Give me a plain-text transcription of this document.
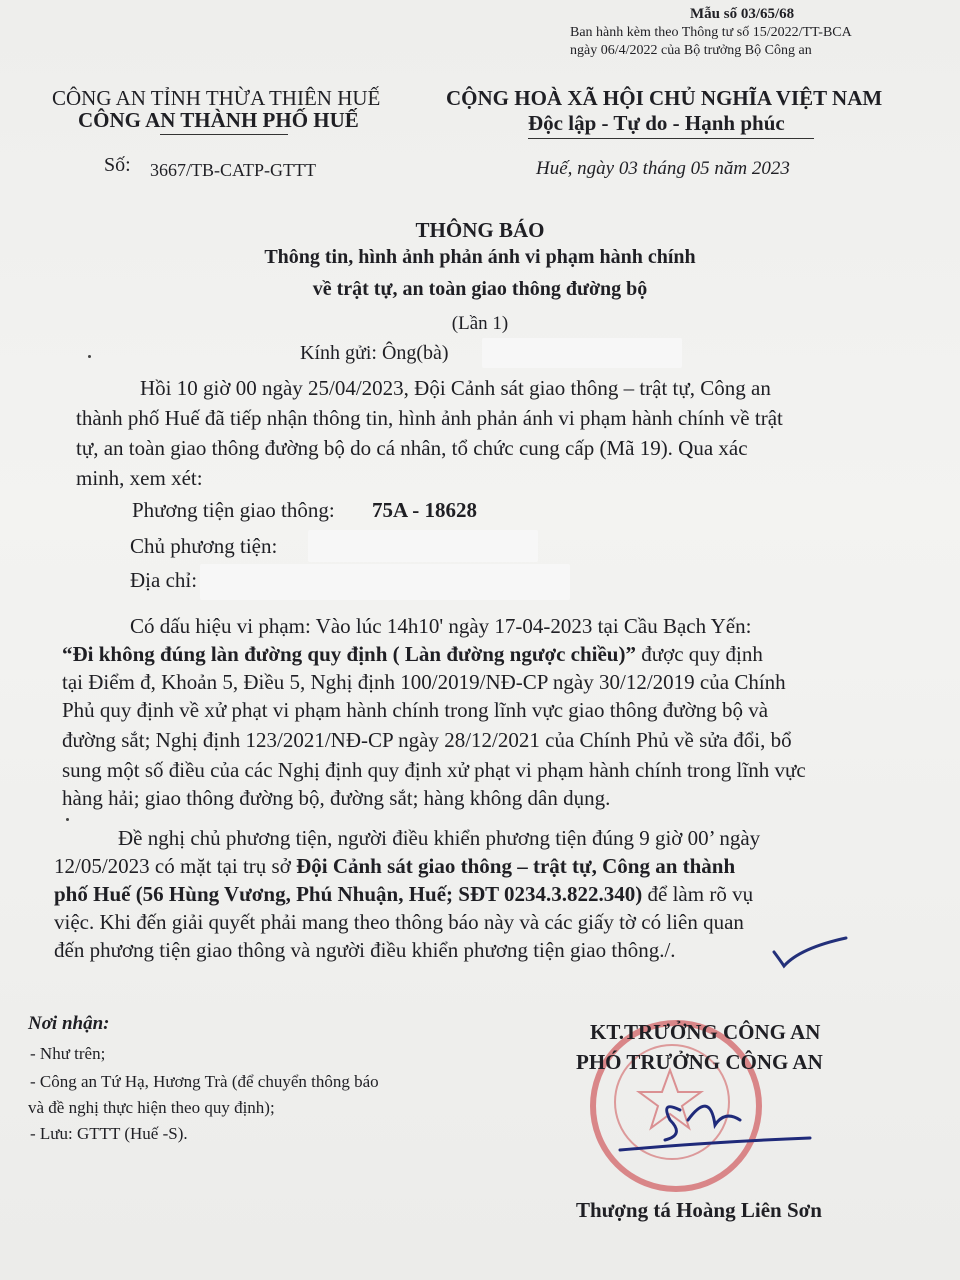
Mẫu số 03/65/68
Ban hành kèm theo Thông tư số 15/2022/TT-BCA
ngày 06/4/2022 của Bộ trưởng Bộ Công an
CÔNG AN TỈNH THỪA THIÊN HUẾ
CÔNG AN THÀNH PHỐ HUẾ
CỘNG HOÀ XÃ HỘI CHỦ NGHĨA VIỆT NAM
Độc lập - Tự do - Hạnh phúc
Số: 3667/TB-CATP-GTTT	Huế, ngày 03 tháng 05 năm 2023
THÔNG BÁO
Thông tin, hình ảnh phản ánh vi phạm hành chính
về trật tự, an toàn giao thông đường bộ
(Lần 1)
Kính gửi: Ông(bà)
Hồi 10 giờ 00 ngày 25/04/2023, Đội Cảnh sát giao thông – trật tự, Công an
thành phố Huế đã tiếp nhận thông tin, hình ảnh phản ánh vi phạm hành chính về trật
tự, an toàn giao thông đường bộ do cá nhân, tổ chức cung cấp (Mã 19). Qua xác
minh, xem xét:
Phương tiện giao thông: 75A - 18628
Chủ phương tiện:
Địa chỉ:
Có dấu hiệu vi phạm: Vào lúc 14h10' ngày 17-04-2023 tại Cầu Bạch Yến:
“Đi không đúng làn đường quy định ( Làn đường ngược chiều)” được quy định
tại Điểm đ, Khoản 5, Điều 5, Nghị định 100/2019/NĐ-CP ngày 30/12/2019 của Chính
Phủ quy định về xử phạt vi phạm hành chính trong lĩnh vực giao thông đường bộ và
đường sắt; Nghị định 123/2021/NĐ-CP ngày 28/12/2021 của Chính Phủ về sửa đổi, bổ
sung một số điều của các Nghị định quy định xử phạt vi phạm hành chính trong lĩnh vực
hàng hải; giao thông đường bộ, đường sắt; hàng không dân dụng.
Đề nghị chủ phương tiện, người điều khiển phương tiện đúng 9 giờ 00’ ngày
12/05/2023 có mặt tại trụ sở Đội Cảnh sát giao thông – trật tự, Công an thành
phố Huế (56 Hùng Vương, Phú Nhuận, Huế; SĐT 0234.3.822.340) để làm rõ vụ
việc. Khi đến giải quyết phải mang theo thông báo này và các giấy tờ có liên quan
đến phương tiện giao thông và người điều khiển phương tiện giao thông./.
Nơi nhận:
- Như trên;
- Công an Tứ Hạ, Hương Trà (để chuyển thông báo
và đề nghị thực hiện theo quy định);
- Lưu: GTTT (Huế -S).
KT.TRƯỞNG CÔNG AN
PHÓ TRƯỞNG CÔNG AN
Thượng tá Hoàng Liên Sơn
